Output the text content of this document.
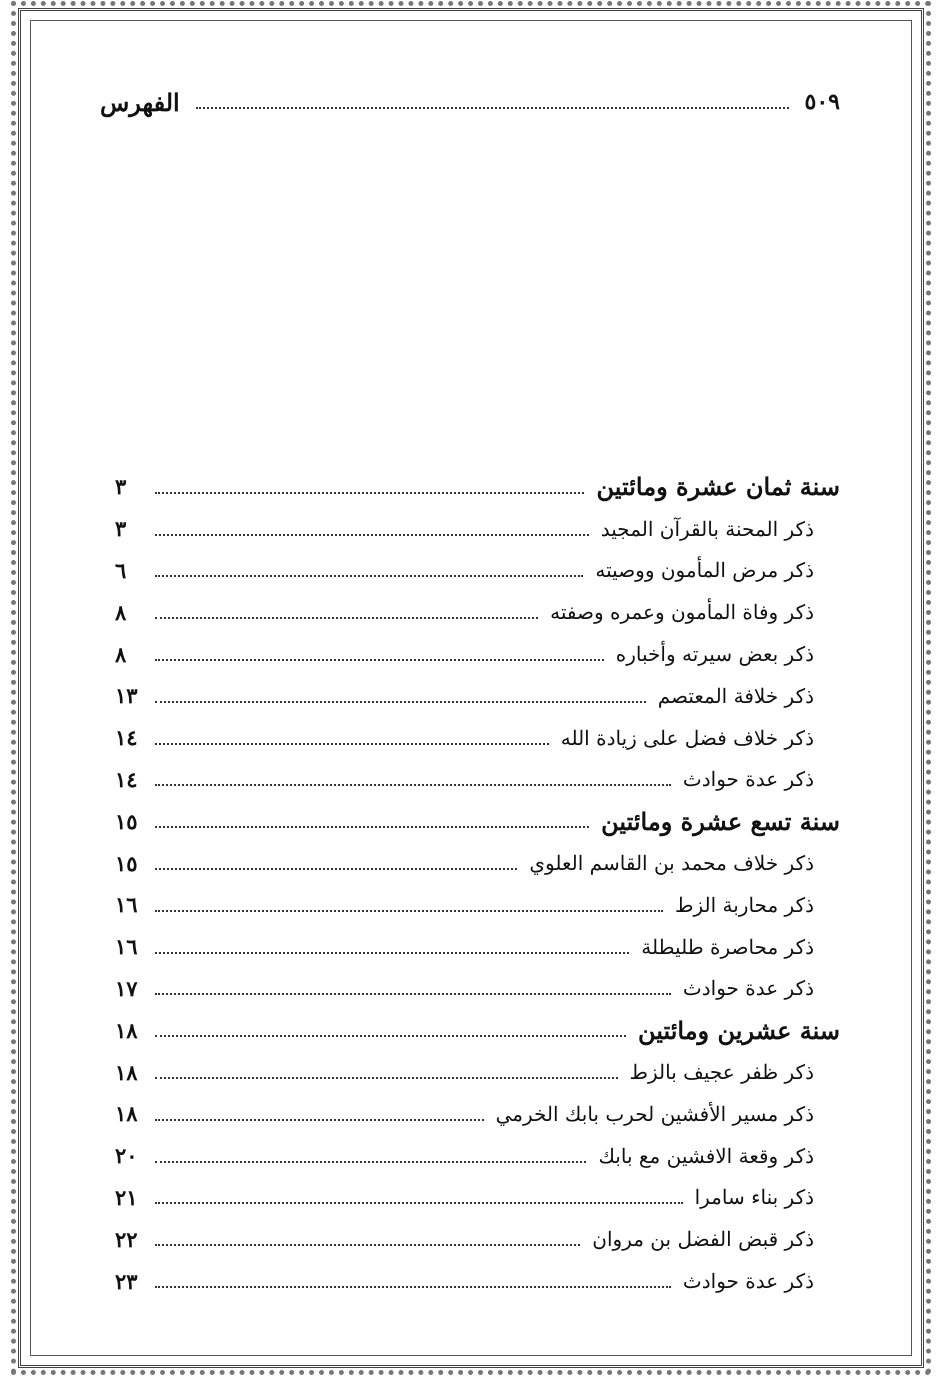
الفهرس	٥٠٩
سنة ثمان عشرة ومائتين
٣
ذكر المحنة بالقرآن المجيد
٣
ذكر مرض المأمون ووصيته
٦
ذكر وفاة المأمون وعمره وصفته
٨
ذكر بعض سيرته وأخباره
٨
ذكر خلافة المعتصم
١٣
ذكر خلاف فضل على زيادة الله
١٤
ذكر عدة حوادث
١٤
سنة تسع عشرة ومائتين
١٥
ذكر خلاف محمد بن القاسم العلوي
١٥
ذكر محاربة الزط
١٦
ذكر محاصرة طليطلة
١٦
ذكر عدة حوادث
١٧
سنة عشرين ومائتين
١٨
ذكر ظفر عجيف بالزط
١٨
ذكر مسير الأفشين لحرب بابك الخرمي
١٨
ذكر وقعة الافشين مع بابك
٢٠
ذكر بناء سامرا
٢١
ذكر قبض الفضل بن مروان
٢٢
ذكر عدة حوادث
٢٣
